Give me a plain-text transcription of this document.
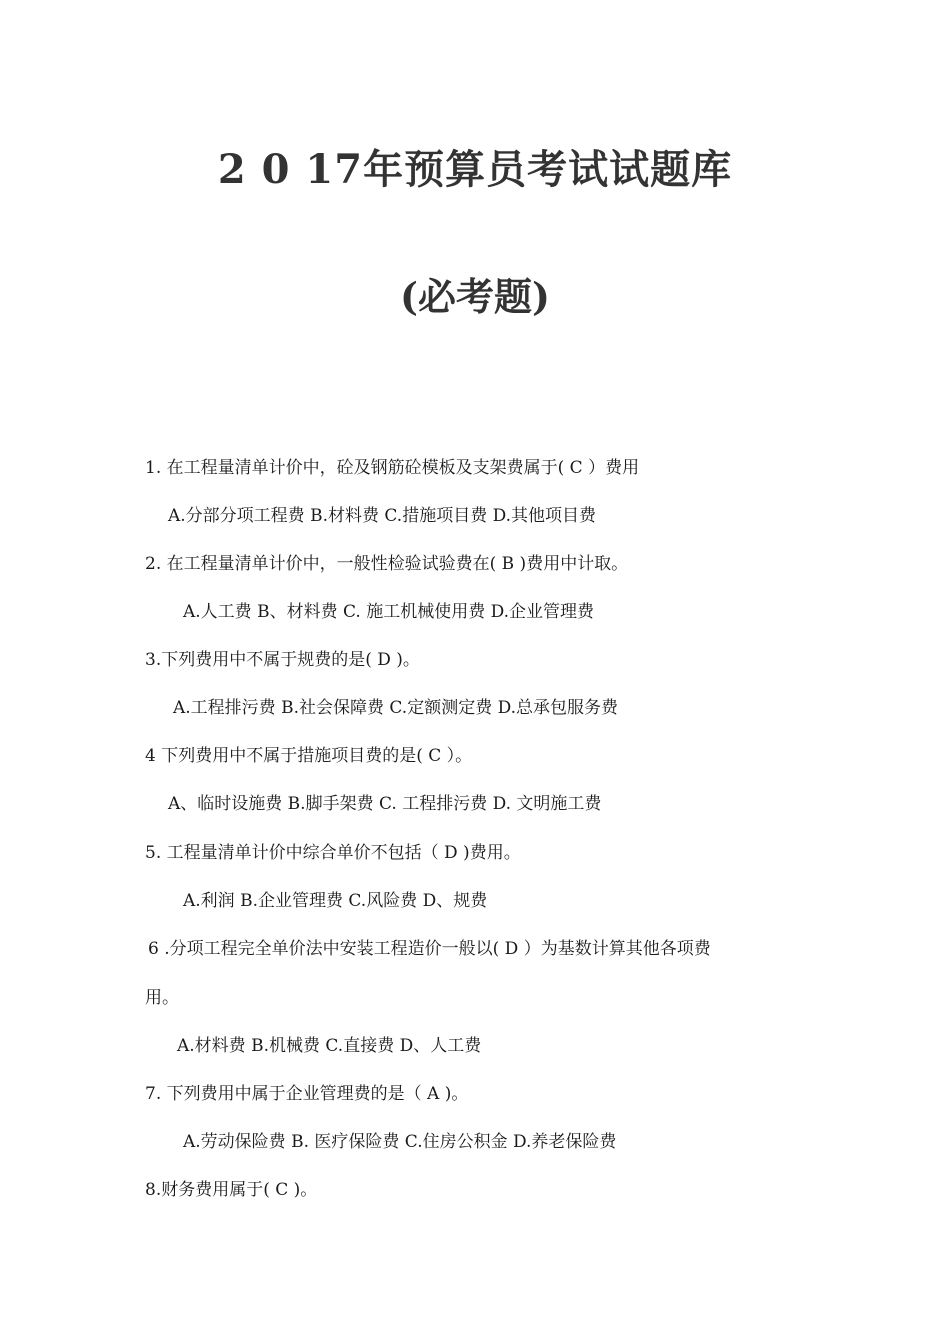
2 0 17年预算员考试试题库
(必考题)
1. 在工程量清单计价中，砼及钢筋砼模板及支架费属于( C ）费用
A.分部分项工程费 B.材料费 C.措施项目费 D.其他项目费
2. 在工程量清单计价中，一般性检验试验费在( B )费用中计取。
A.人工费 B、材料费 C. 施工机械使用费 D.企业管理费
3.下列费用中不属于规费的是( D )。
A.工程排污费 B.社会保障费 C.定额测定费 D.总承包服务费
4 下列费用中不属于措施项目费的是( C ）。
A、临时设施费 B.脚手架费 C. 工程排污费 D. 文明施工费
5. 工程量清单计价中综合单价不包括（ D )费用。
A.利润 B.企业管理费 C.风险费 D、规费
6 .分项工程完全单价法中安装工程造价一般以( D ）为基数计算其他各项费
用。
A.材料费 B.机械费 C.直接费 D、人工费
7. 下列费用中属于企业管理费的是（ A )。
A.劳动保险费 B. 医疗保险费 C.住房公积金 D.养老保险费
8.财务费用属于( C )。
